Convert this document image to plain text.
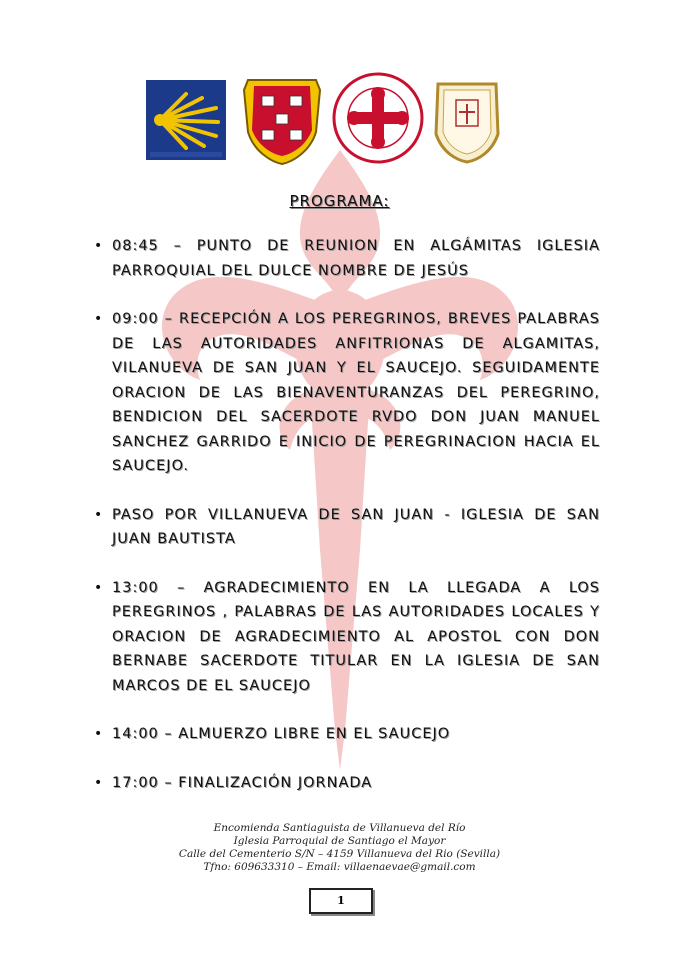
PROGRAMA:
• 08:45 – PUNTO DE REUNION EN ALGÁMITAS IGLESIA PARROQUIAL DEL DULCE NOMBRE DE JESÚS
• 09:00 – RECEPCIÓN A LOS PEREGRINOS, BREVES PALABRAS DE LAS AUTORIDADES ANFITRIONAS DE ALGAMITAS, VILANUEVA DE SAN JUAN Y EL SAUCEJO. SEGUIDAMENTE ORACION DE LAS BIENAVENTURANZAS DEL PEREGRINO, BENDICION DEL SACERDOTE RVDO DON JUAN MANUEL SANCHEZ GARRIDO E INICIO DE PEREGRINACION HACIA EL SAUCEJO.
• PASO POR VILLANUEVA DE SAN JUAN - IGLESIA DE SAN JUAN BAUTISTA
• 13:00 – AGRADECIMIENTO EN LA LLEGADA A LOS PEREGRINOS , PALABRAS DE LAS AUTORIDADES LOCALES Y ORACION DE AGRADECIMIENTO AL APOSTOL CON DON BERNABE SACERDOTE TITULAR EN LA IGLESIA DE SAN MARCOS DE EL SAUCEJO
• 14:00 – ALMUERZO LIBRE EN EL SAUCEJO
• 17:00 – FINALIZACIÓN JORNADA
Encomienda Santiaguista de Villanueva del Río
Iglesia Parroquial de Santiago el Mayor
Calle del Cementerio S/N – 4159 Villanueva del Rio (Sevilla)
Tfno: 609633310 – Email: villaenaevae@gmail.com
1
